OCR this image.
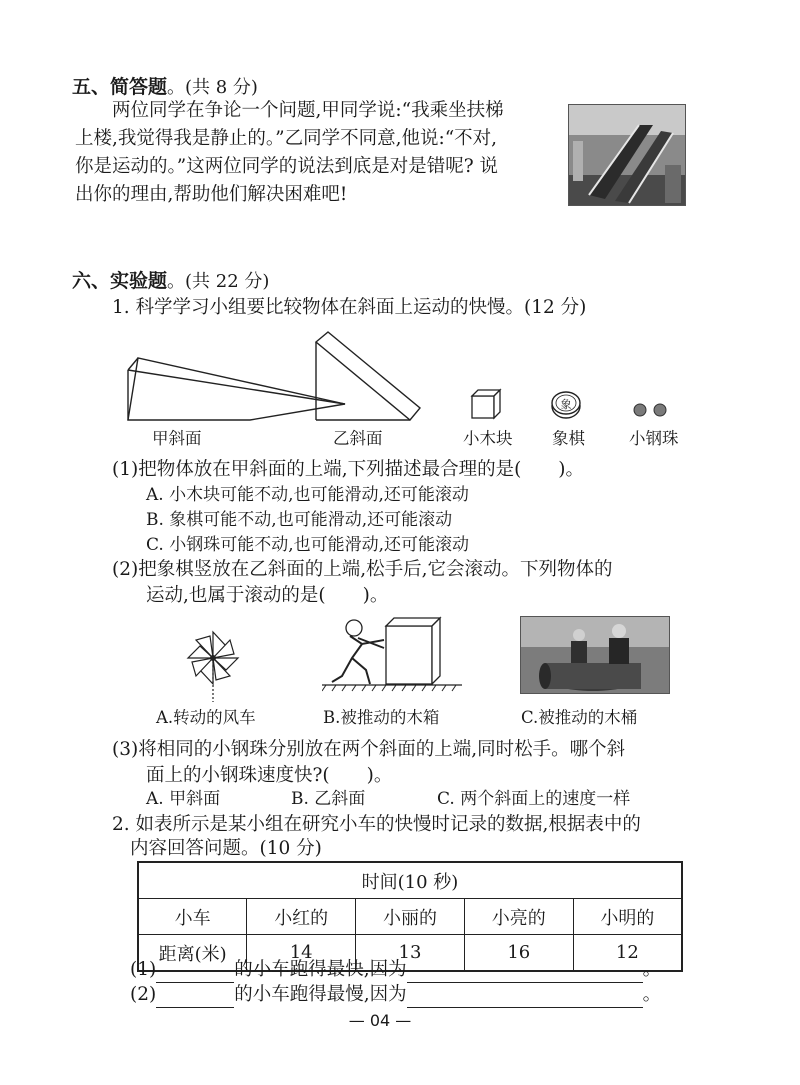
五、简答题。(共 8 分)
两位同学在争论一个问题,甲同学说:“我乘坐扶梯
上楼,我觉得我是静止的。”乙同学不同意,他说:“不对,
你是运动的。”这两位同学的说法到底是对是错呢? 说
出你的理由,帮助他们解决困难吧!
六、实验题。(共 22 分)
1. 科学学习小组要比较物体在斜面上运动的快慢。(12 分)
象
甲斜面	乙斜面	小木块 象棋	小钢珠
(1)把物体放在甲斜面的上端,下列描述最合理的是(　　)。
A. 小木块可能不动,也可能滑动,还可能滚动
B. 象棋可能不动,也可能滑动,还可能滚动
C. 小钢珠可能不动,也可能滑动,还可能滚动
(2)把象棋竖放在乙斜面的上端,松手后,它会滚动。下列物体的
运动,也属于滚动的是(　　)。
A.转动的风车	B.被推动的木箱	C.被推动的木桶
(3)将相同的小钢珠分别放在两个斜面的上端,同时松手。哪个斜
面上的小钢珠速度快?(　　)。
A. 甲斜面	B. 乙斜面	C. 两个斜面上的速度一样
2. 如表所示是某小组在研究小车的快慢时记录的数据,根据表中的
内容回答问题。(10 分)
时间(10 秒)				
小车	小红的	小丽的	小亮的	小明的
距离(米)	14	13	16	12
(1)	的小车跑得最快,因为	。
(2)	的小车跑得最慢,因为	。
— 04 —
